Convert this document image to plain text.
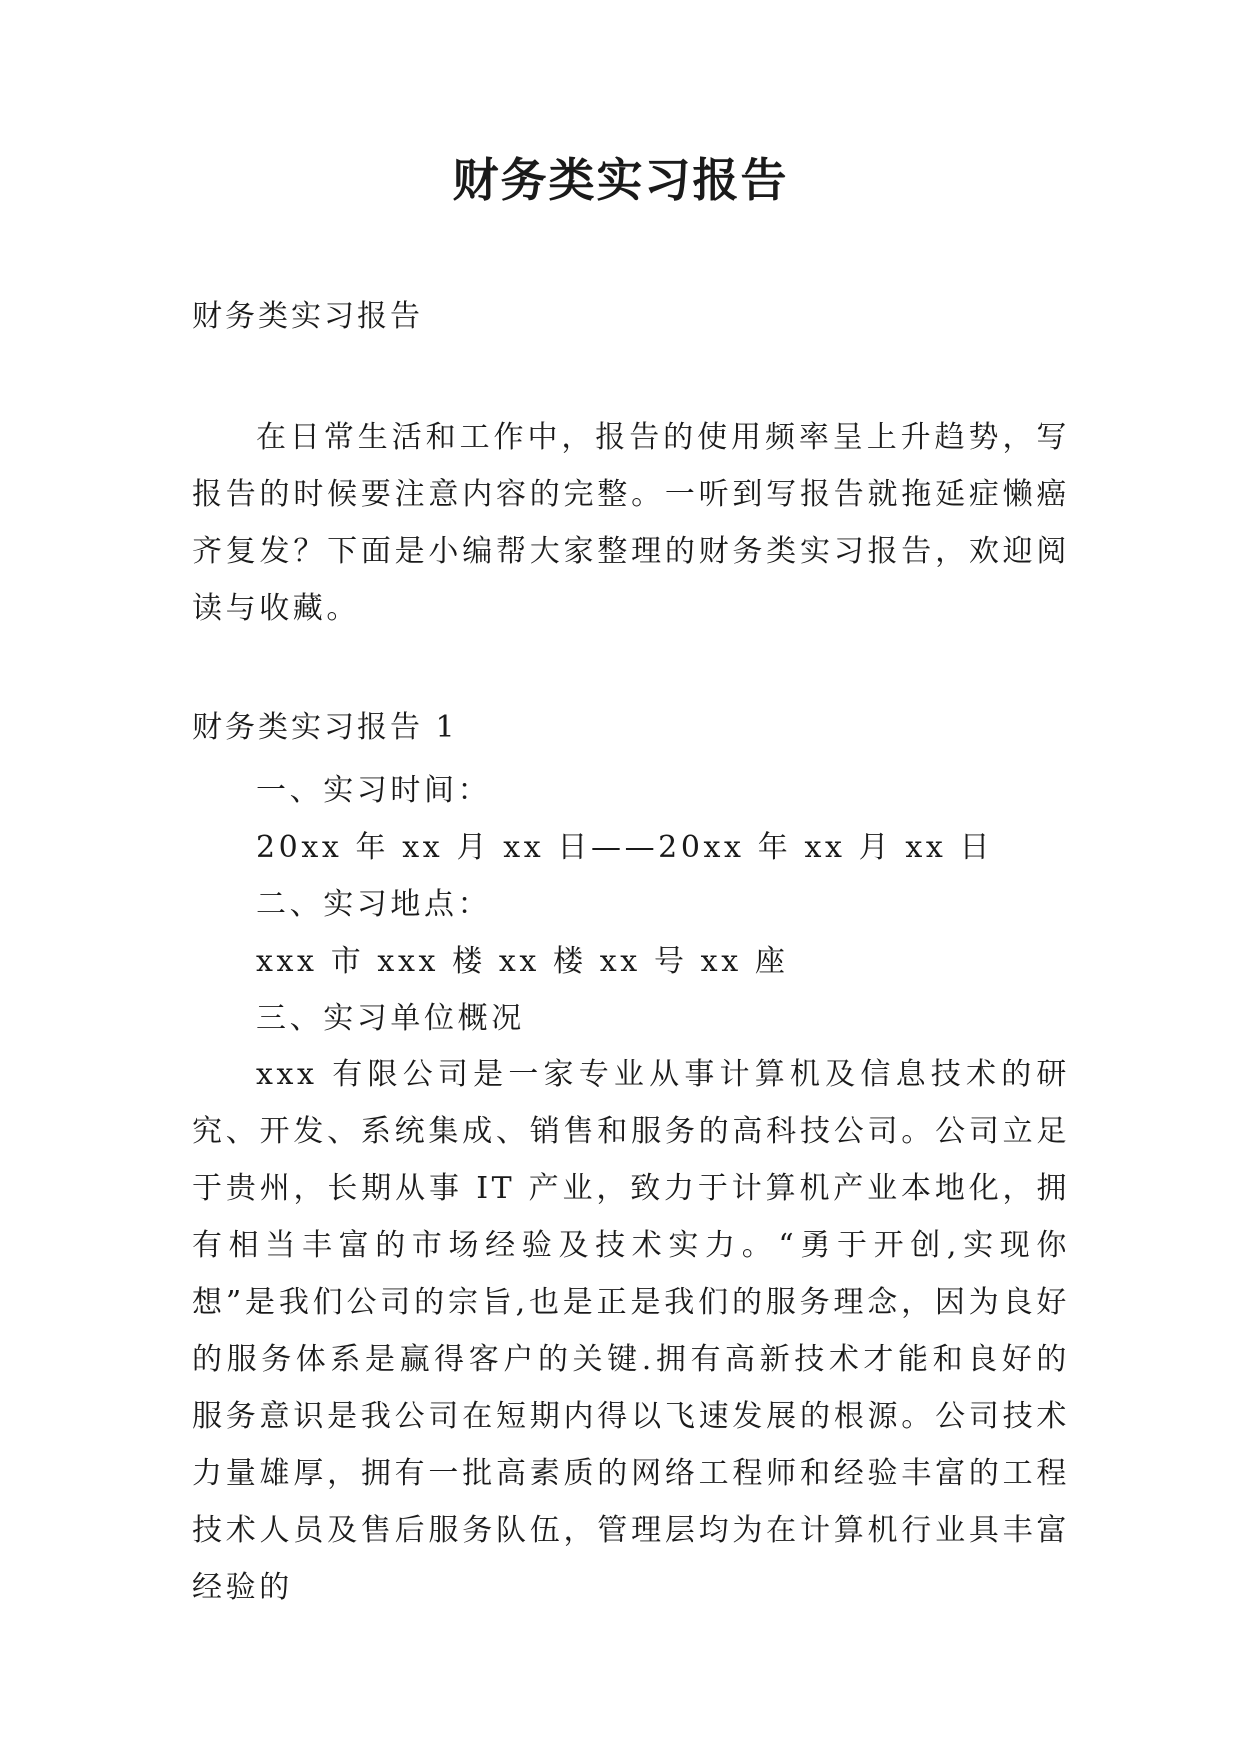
财务类实习报告

财务类实习报告

在日常生活和工作中，报告的使用频率呈上升趋势，写报告的时候要注意内容的完整。一听到写报告就拖延症懒癌齐复发？下面是小编帮大家整理的财务类实习报告，欢迎阅读与收藏。

财务类实习报告 1

一、实习时间：
20xx 年 xx 月 xx 日——20xx 年 xx 月 xx 日
二、实习地点：
xxx 市 xxx 楼 xx 楼 xx 号 xx 座
三、实习单位概况

xxx 有限公司是一家专业从事计算机及信息技术的研究、开发、系统集成、销售和服务的高科技公司。公司立足于贵州，长期从事 IT 产业，致力于计算机产业本地化，拥有相当丰富的市场经验及技术实力。“勇于开创,实现你想”是我们公司的宗旨,也是正是我们的服务理念，因为良好的服务体系是赢得客户的关键.拥有高新技术才能和良好的服务意识是我公司在短期内得以飞速发展的根源。公司技术力量雄厚，拥有一批高素质的网络工程师和经验丰富的工程技术人员及售后服务队伍，管理层均为在计算机行业具丰富经验的
